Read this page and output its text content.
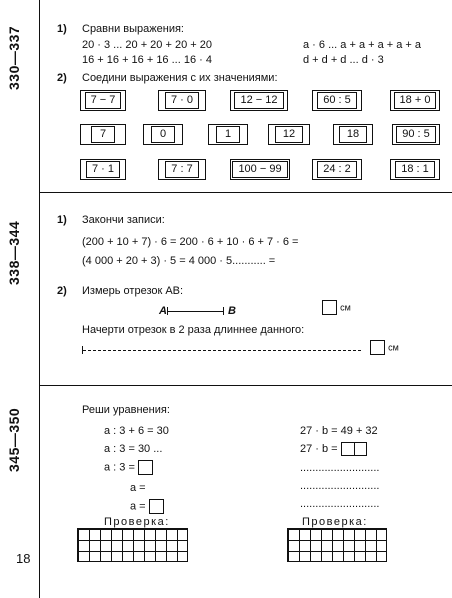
330—337
338—344
345—350
1) Сравни выражения:
20 · 3 ... 20 + 20 + 20 + 20
16 + 16 + 16 + 16 ... 16 · 4
a · 6 ... a + a + a + a + a
d + d + d ... d · 3
2) Соедини выражения с их значениями:
7 − 7	7 · 0	12 − 12	60 : 5	18 + 0
7	0	1	12	18	90 : 5
7 · 1	7 : 7	100 − 99	24 : 2	18 : 1
1) Закончи записи:
(200 + 10 + 7) · 6 = 200 · 6 + 10 · 6 + 7 · 6 =
(4 000 + 20 + 3) · 5 = 4 000 · 5........... =
2) Измерь отрезок AB:
A	B	см
Начерти отрезок в 2 раза длиннее данного:
см
Реши уравнения:
a : 3 + 6 = 30
a : 3 = 30 ...
a : 3 =
a =
a =
27 · b = 49 + 32
27 · b =
..........................
..........................
..........................
Проверка:	Проверка:
18
